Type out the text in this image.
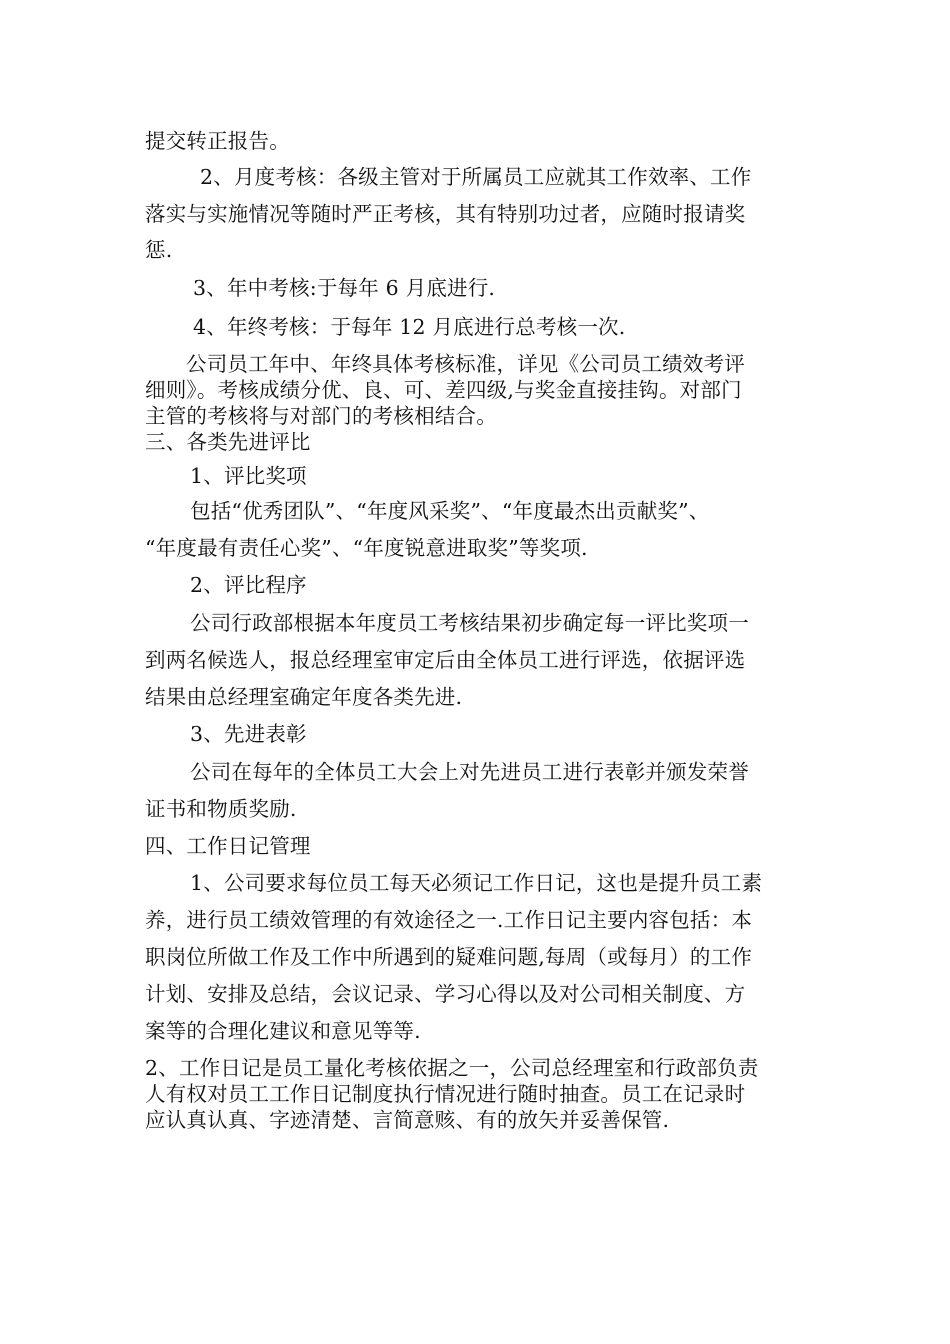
提交转正报告。
2、月度考核：各级主管对于所属员工应就其工作效率、工作
落实与实施情况等随时严正考核，其有特别功过者，应随时报请奖
惩.
3、年中考核:于每年 6 月底进行.
4、年终考核：于每年 12 月底进行总考核一次.
公司员工年中、年终具体考核标准，详见《公司员工绩效考评
细则》。考核成绩分优、良、可、差四级,与奖金直接挂钩。对部门
主管的考核将与对部门的考核相结合。
三、各类先进评比
1、评比奖项
包括“优秀团队”、“年度风采奖”、“年度最杰出贡献奖”、
“年度最有责任心奖”、“年度锐意进取奖”等奖项.
2、评比程序
公司行政部根据本年度员工考核结果初步确定每一评比奖项一
到两名候选人，报总经理室审定后由全体员工进行评选，依据评选
结果由总经理室确定年度各类先进.
3、先进表彰
公司在每年的全体员工大会上对先进员工进行表彰并颁发荣誉
证书和物质奖励.
四、工作日记管理
1、公司要求每位员工每天必须记工作日记，这也是提升员工素
养，进行员工绩效管理的有效途径之一.工作日记主要内容包括：本
职岗位所做工作及工作中所遇到的疑难问题,每周（或每月）的工作
计划、安排及总结，会议记录、学习心得以及对公司相关制度、方
案等的合理化建议和意见等等.
2、工作日记是员工量化考核依据之一，公司总经理室和行政部负责
人有权对员工工作日记制度执行情况进行随时抽查。员工在记录时
应认真认真、字迹清楚、言简意赅、有的放矢并妥善保管.
